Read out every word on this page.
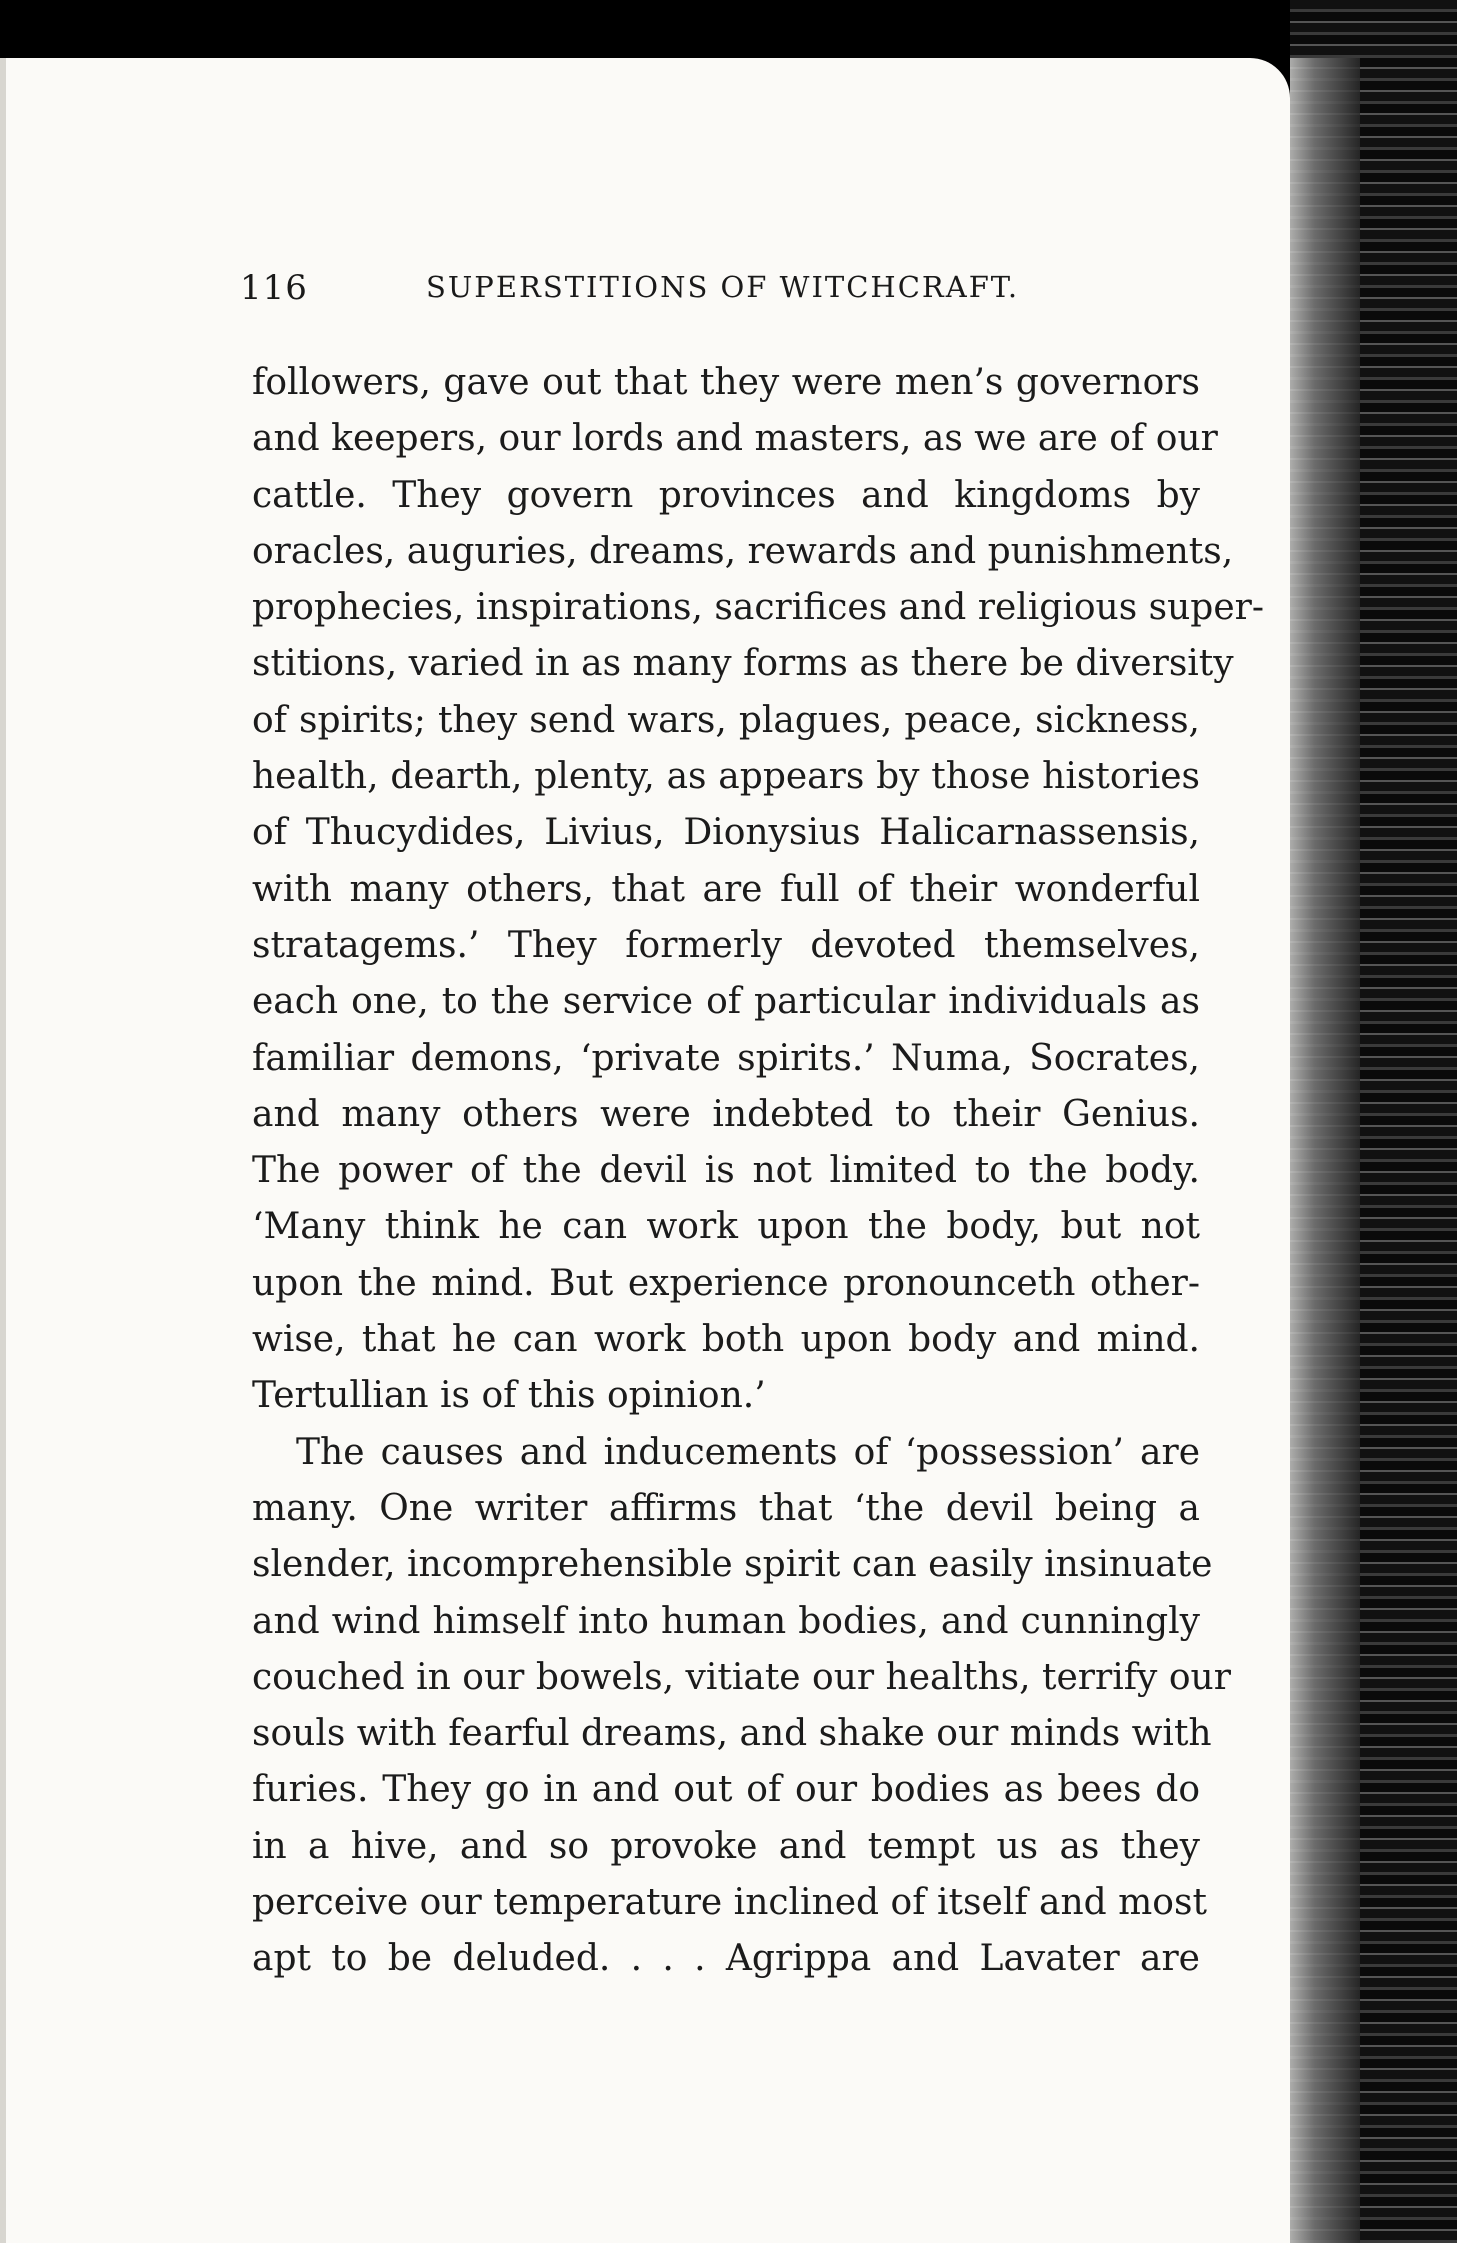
116	SUPERSTITIONS OF WITCHCRAFT.
followers, gave out that they were men’s governors
and keepers, our lords and masters, as we are of our
cattle. They govern provinces and kingdoms by
oracles, auguries, dreams, rewards and punishments,
prophecies, inspirations, sacrifices and religious super-
stitions, varied in as many forms as there be diversity
of spirits; they send wars, plagues, peace, sickness,
health, dearth, plenty, as appears by those histories
of Thucydides, Livius, Dionysius Halicarnassensis,
with many others, that are full of their wonderful
stratagems.’ They formerly devoted themselves,
each one, to the service of particular individuals as
familiar demons, ‘private spirits.’ Numa, Socrates,
and many others were indebted to their Genius.
The power of the devil is not limited to the body.
‘Many think he can work upon the body, but not
upon the mind. But experience pronounceth other-
wise, that he can work both upon body and mind.
Tertullian is of this opinion.’
The causes and inducements of ‘possession’ are
many. One writer affirms that ‘the devil being a
slender, incomprehensible spirit can easily insinuate
and wind himself into human bodies, and cunningly
couched in our bowels, vitiate our healths, terrify our
souls with fearful dreams, and shake our minds with
furies. They go in and out of our bodies as bees do
in a hive, and so provoke and tempt us as they
perceive our temperature inclined of itself and most
apt to be deluded. . . . Agrippa and Lavater are
